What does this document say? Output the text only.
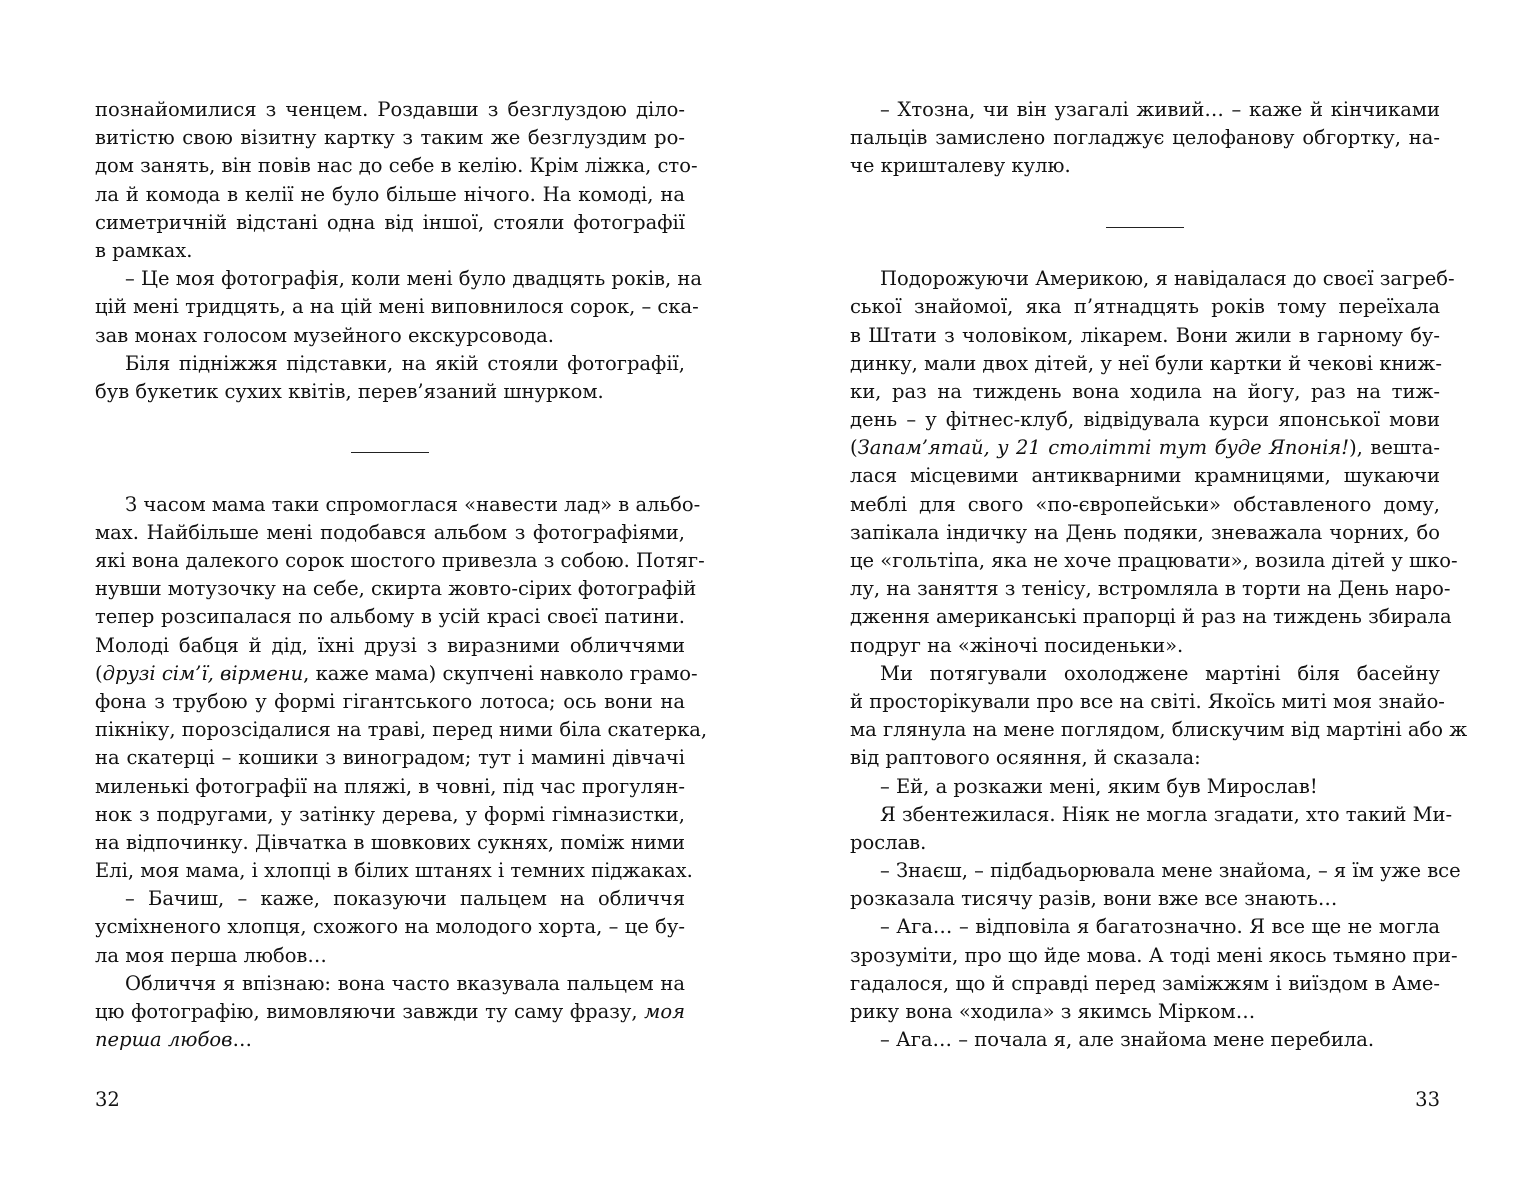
познайомилися з ченцем. Роздавши з безглуздою діло-
витістю свою візитну картку з таким же безглуздим ро-
дом занять, він повів нас до себе в келію. Крім ліжка, сто-
ла й комода в келії не було більше нічого. На комоді, на
симетричній відстані одна від іншої, стояли фотографії
в рамках.
– Це моя фотографія, коли мені було двадцять років, на
цій мені тридцять, а на цій мені виповнилося сорок, – ска-
зав монах голосом музейного екскурсовода.
Біля підніжжя підставки, на якій стояли фотографії,
був букетик сухих квітів, перев’язаний шнурком.
З часом мама таки спромоглася «навести лад» в альбо-
мах. Найбільше мені подобався альбом з фотографіями,
які вона далекого сорок шостого привезла з собою. Потяг-
нувши мотузочку на себе, скирта жовто-сірих фотографій
тепер розсипалася по альбому в усій красі своєї патини.
Молоді бабця й дід, їхні друзі з виразними обличчями
(друзі сім’ї, вірмени, каже мама) скупчені навколо грамо-
фона з трубою у формі гігантського лотоса; ось вони на
пікніку, порозсідалися на траві, перед ними біла скатерка,
на скатерці – кошики з виноградом; тут і мамині дівчачі
миленькі фотографії на пляжі, в човні, під час прогулян-
нок з подругами, у затінку дерева, у формі гімназистки,
на відпочинку. Дівчатка в шовкових сукнях, поміж ними
Елі, моя мама, і хлопці в білих штанях і темних піджаках.
– Бачиш, – каже, показуючи пальцем на обличчя
усміхненого хлопця, схожого на молодого хорта, – це бу-
ла моя перша любов…
Обличчя я впізнаю: вона часто вказувала пальцем на
цю фотографію, вимовляючи завжди ту саму фразу, моя
перша любов…
32
– Хтозна, чи він узагалі живий… – каже й кінчиками
пальців замислено погладжує целофанову обгортку, на-
че кришталеву кулю.
Подорожуючи Америкою, я навідалася до своєї загреб-
ської знайомої, яка п’ятнадцять років тому переїхала
в Штати з чоловіком, лікарем. Вони жили в гарному бу-
динку, мали двох дітей, у неї були картки й чекові книж-
ки, раз на тиждень вона ходила на йогу, раз на тиж-
день – у фітнес-клуб, відвідувала курси японської мови
(Запам’ятай, у 21 столітті тут буде Японія!), вешта-
лася місцевими антикварними крамницями, шукаючи
меблі для свого «по-європейськи» обставленого дому,
запікала індичку на День подяки, зневажала чорних, бо
це «гольтіпа, яка не хоче працювати», возила дітей у шко-
лу, на заняття з тенісу, встромляла в торти на День наро-
дження американські прапорці й раз на тиждень збирала
подруг на «жіночі посиденьки».
Ми потягували охолоджене мартіні біля басейну
й просторікували про все на світі. Якоїсь миті моя знайо-
ма глянула на мене поглядом, блискучим від мартіні або ж
від раптового осяяння, й сказала:
– Ей, а розкажи мені, яким був Мирослав!
Я збентежилася. Ніяк не могла згадати, хто такий Ми-
рослав.
– Знаєш, – підбадьорювала мене знайома, – я їм уже все
розказала тисячу разів, вони вже все знають…
– Ага… – відповіла я багатозначно. Я все ще не могла
зрозуміти, про що йде мова. А тоді мені якось тьмяно при-
гадалося, що й справді перед заміжжям і виїздом в Аме-
рику вона «ходила» з якимсь Мірком…
– Ага… – почала я, але знайома мене перебила.
33
